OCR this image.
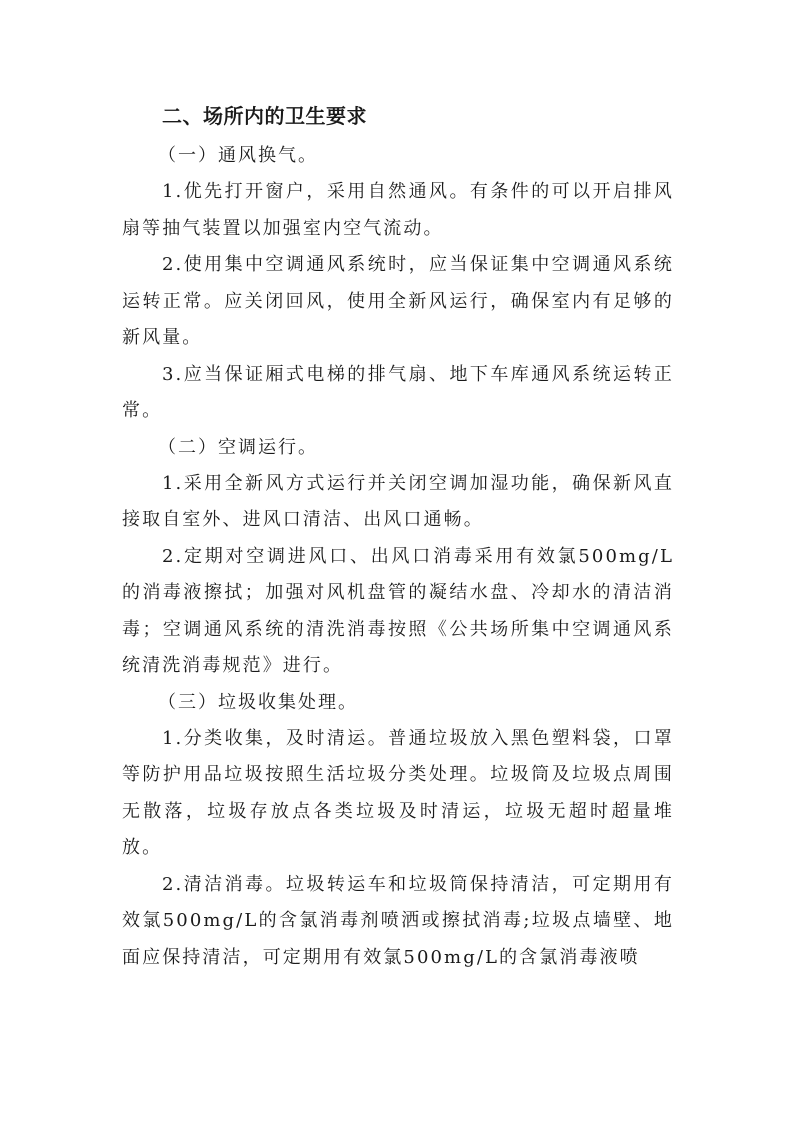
二、场所内的卫生要求
（一）通风换气。

1.优先打开窗户，采用自然通风。有条件的可以开启排风扇等抽气装置以加强室内空气流动。

2.使用集中空调通风系统时，应当保证集中空调通风系统运转正常。应关闭回风，使用全新风运行，确保室内有足够的新风量。

3.应当保证厢式电梯的排气扇、地下车库通风系统运转正常。

（二）空调运行。

1.采用全新风方式运行并关闭空调加湿功能，确保新风直接取自室外、进风口清洁、出风口通畅。

2.定期对空调进风口、出风口消毒采用有效氯500mg/L的消毒液擦拭；加强对风机盘管的凝结水盘、冷却水的清洁消毒；空调通风系统的清洗消毒按照《公共场所集中空调通风系统清洗消毒规范》进行。

（三）垃圾收集处理。

1.分类收集，及时清运。普通垃圾放入黑色塑料袋，口罩等防护用品垃圾按照生活垃圾分类处理。垃圾筒及垃圾点周围无散落，垃圾存放点各类垃圾及时清运，垃圾无超时超量堆放。

2.清洁消毒。垃圾转运车和垃圾筒保持清洁，可定期用有效氯500mg/L的含氯消毒剂喷洒或擦拭消毒;垃圾点墙壁、地面应保持清洁，可定期用有效氯500mg/L的含氯消毒液喷
